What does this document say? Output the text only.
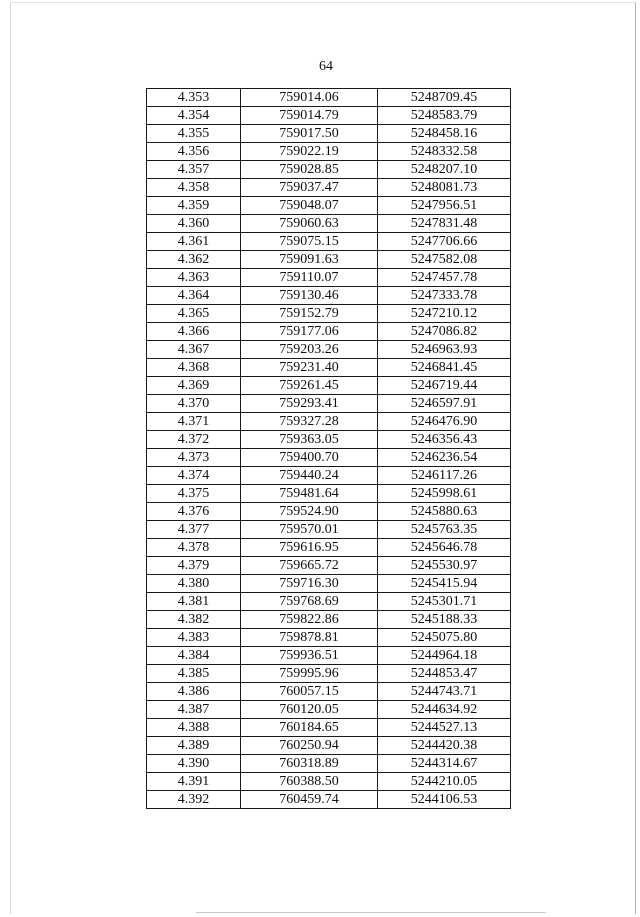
64
4.353	759014.06	5248709.45
4.354	759014.79	5248583.79
4.355	759017.50	5248458.16
4.356	759022.19	5248332.58
4.357	759028.85	5248207.10
4.358	759037.47	5248081.73
4.359	759048.07	5247956.51
4.360	759060.63	5247831.48
4.361	759075.15	5247706.66
4.362	759091.63	5247582.08
4.363	759110.07	5247457.78
4.364	759130.46	5247333.78
4.365	759152.79	5247210.12
4.366	759177.06	5247086.82
4.367	759203.26	5246963.93
4.368	759231.40	5246841.45
4.369	759261.45	5246719.44
4.370	759293.41	5246597.91
4.371	759327.28	5246476.90
4.372	759363.05	5246356.43
4.373	759400.70	5246236.54
4.374	759440.24	5246117.26
4.375	759481.64	5245998.61
4.376	759524.90	5245880.63
4.377	759570.01	5245763.35
4.378	759616.95	5245646.78
4.379	759665.72	5245530.97
4.380	759716.30	5245415.94
4.381	759768.69	5245301.71
4.382	759822.86	5245188.33
4.383	759878.81	5245075.80
4.384	759936.51	5244964.18
4.385	759995.96	5244853.47
4.386	760057.15	5244743.71
4.387	760120.05	5244634.92
4.388	760184.65	5244527.13
4.389	760250.94	5244420.38
4.390	760318.89	5244314.67
4.391	760388.50	5244210.05
4.392	760459.74	5244106.53
